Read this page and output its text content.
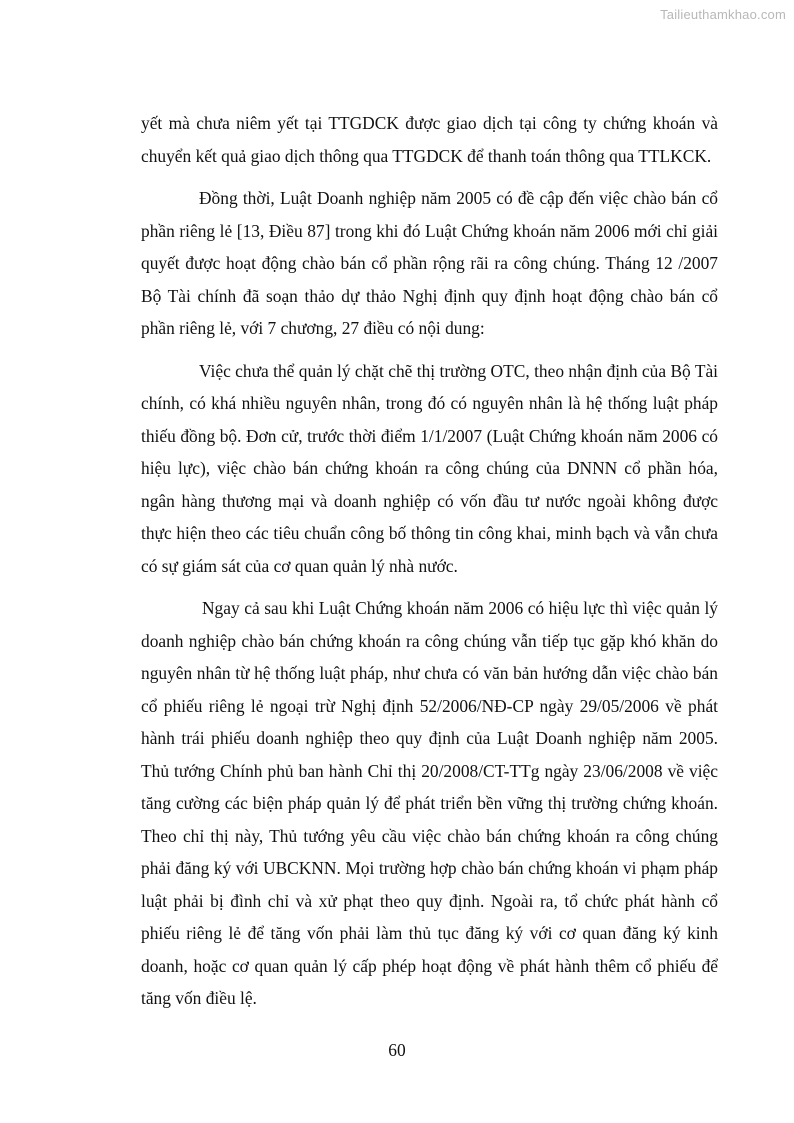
Tailieuthamkhao.com

yết mà chưa niêm yết tại TTGDCK được giao dịch tại công ty chứng khoán và chuyển kết quả giao dịch thông qua TTGDCK để thanh toán thông qua TTLKCK.

Đồng thời, Luật Doanh nghiệp năm 2005 có đề cập đến việc chào bán cổ phần riêng lẻ [13, Điều 87] trong khi đó Luật Chứng khoán năm 2006 mới chỉ giải quyết được hoạt động chào bán cổ phần rộng rãi ra công chúng. Tháng 12 /2007 Bộ Tài chính đã soạn thảo dự thảo Nghị định quy định hoạt động chào bán cổ phần riêng lẻ, với 7 chương, 27 điều có nội dung:

Việc chưa thể quản lý chặt chẽ thị trường OTC, theo nhận định của Bộ Tài chính, có khá nhiều nguyên nhân, trong đó có nguyên nhân là hệ thống luật pháp thiếu đồng bộ. Đơn cử, trước thời điểm 1/1/2007 (Luật Chứng khoán năm 2006 có hiệu lực), việc chào bán chứng khoán ra công chúng của DNNN cổ phần hóa, ngân hàng thương mại và doanh nghiệp có vốn đầu tư nước ngoài không được thực hiện theo các tiêu chuẩn công bố thông tin công khai, minh bạch và vẫn chưa có sự giám sát của cơ quan quản lý nhà nước.

Ngay cả sau khi Luật Chứng khoán năm 2006 có hiệu lực thì việc quản lý doanh nghiệp chào bán chứng khoán ra công chúng vẫn tiếp tục gặp khó khăn do nguyên nhân từ hệ thống luật pháp, như chưa có văn bản hướng dẫn việc chào bán cổ phiếu riêng lẻ ngoại trừ Nghị định 52/2006/NĐ-CP ngày 29/05/2006 về phát hành trái phiếu doanh nghiệp theo quy định của Luật Doanh nghiệp năm 2005. Thủ tướng Chính phủ ban hành Chỉ thị 20/2008/CT-TTg ngày 23/06/2008 về việc tăng cường các biện pháp quản lý để phát triển bền vững thị trường chứng khoán. Theo chỉ thị này, Thủ tướng yêu cầu việc chào bán chứng khoán ra công chúng phải đăng ký với UBCKNN. Mọi trường hợp chào bán chứng khoán vi phạm pháp luật phải bị đình chỉ và xử phạt theo quy định. Ngoài ra, tổ chức phát hành cổ phiếu riêng lẻ để tăng vốn phải làm thủ tục đăng ký với cơ quan đăng ký kinh doanh, hoặc cơ quan quản lý cấp phép hoạt động về phát hành thêm cổ phiếu để tăng vốn điều lệ.

60
